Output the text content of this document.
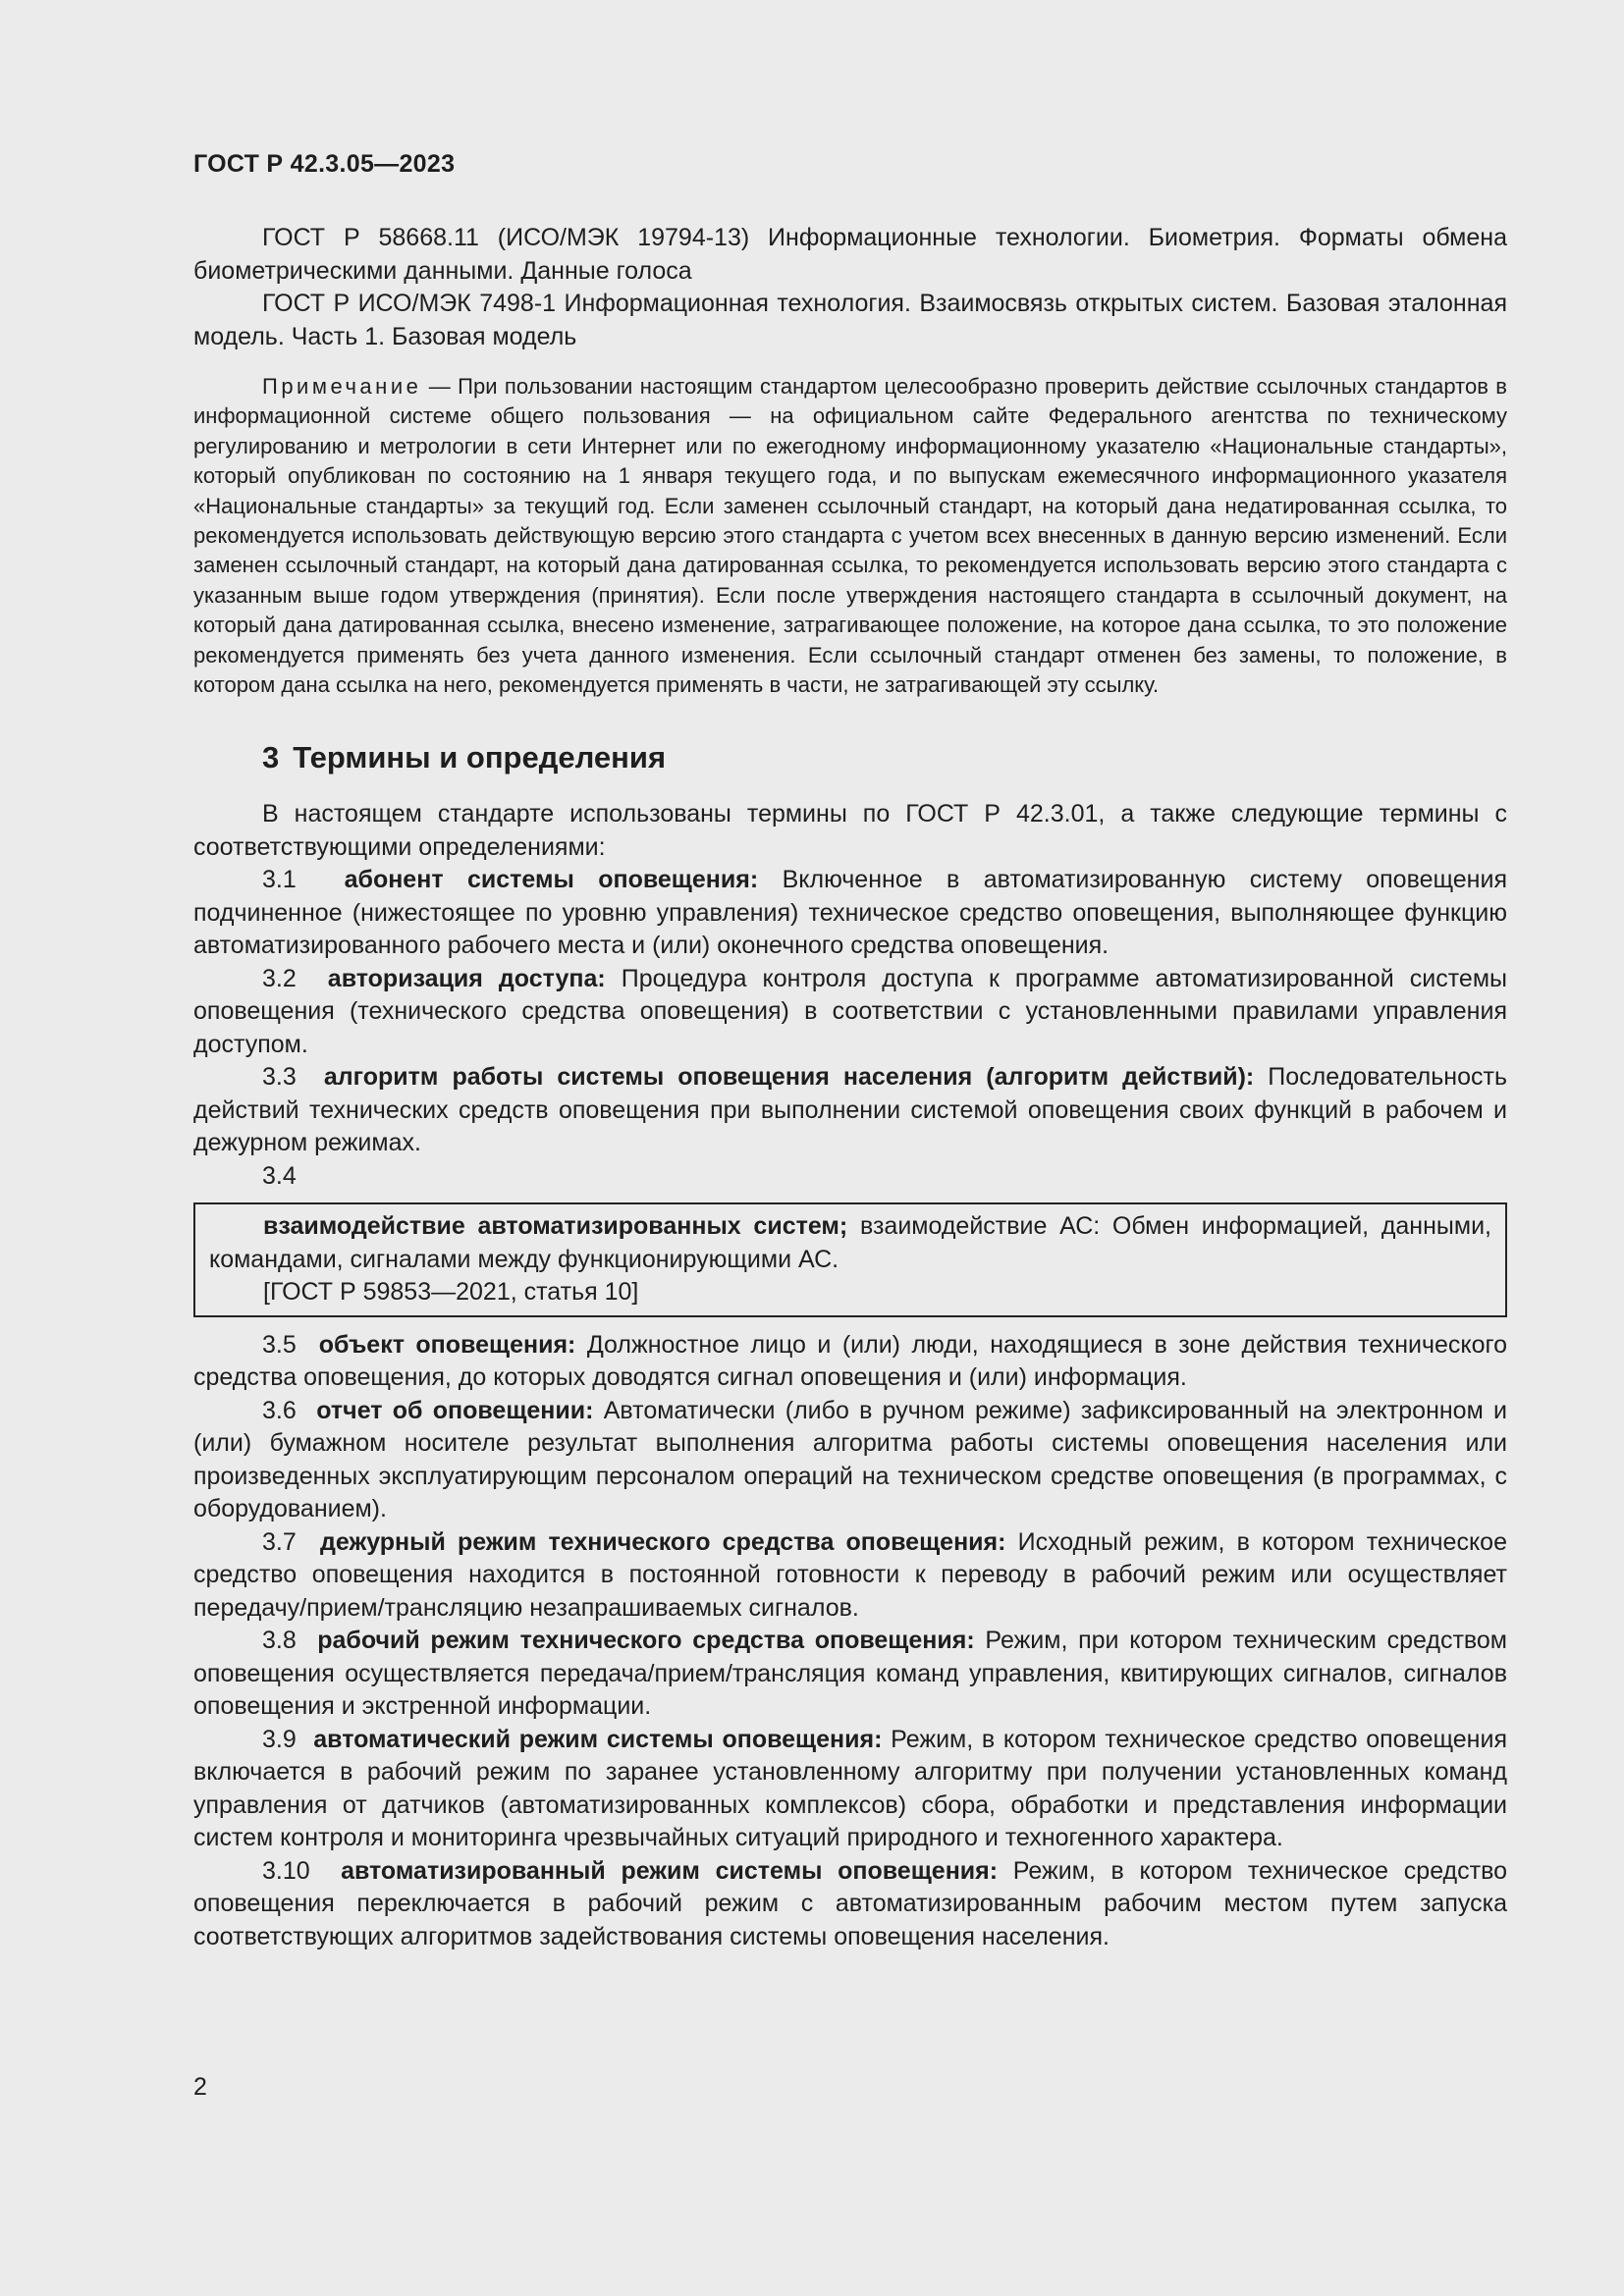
ГОСТ Р 42.3.05—2023

ГОСТ Р 58668.11 (ИСО/МЭК 19794-13) Информационные технологии. Биометрия. Форматы обмена биометрическими данными. Данные голоса

ГОСТ Р ИСО/МЭК 7498-1 Информационная технология. Взаимосвязь открытых систем. Базовая эталонная модель. Часть 1. Базовая модель

Примечание — При пользовании настоящим стандартом целесообразно проверить действие ссылочных стандартов в информационной системе общего пользования — на официальном сайте Федерального агентства по техническому регулированию и метрологии в сети Интернет или по ежегодному информационному указателю «Национальные стандарты», который опубликован по состоянию на 1 января текущего года, и по выпускам ежемесячного информационного указателя «Национальные стандарты» за текущий год. Если заменен ссылочный стандарт, на который дана недатированная ссылка, то рекомендуется использовать действующую версию этого стандарта с учетом всех внесенных в данную версию изменений. Если заменен ссылочный стандарт, на который дана датированная ссылка, то рекомендуется использовать версию этого стандарта с указанным выше годом утверждения (принятия). Если после утверждения настоящего стандарта в ссылочный документ, на который дана датированная ссылка, внесено изменение, затрагивающее положение, на которое дана ссылка, то это положение рекомендуется применять без учета данного изменения. Если ссылочный стандарт отменен без замены, то положение, в котором дана ссылка на него, рекомендуется применять в части, не затрагивающей эту ссылку.

3 Термины и определения

В настоящем стандарте использованы термины по ГОСТ Р 42.3.01, а также следующие термины с соответствующими определениями:

3.1 абонент системы оповещения: Включенное в автоматизированную систему оповещения подчиненное (нижестоящее по уровню управления) техническое средство оповещения, выполняющее функцию автоматизированного рабочего места и (или) оконечного средства оповещения.

3.2 авторизация доступа: Процедура контроля доступа к программе автоматизированной системы оповещения (технического средства оповещения) в соответствии с установленными правилами управления доступом.

3.3 алгоритм работы системы оповещения населения (алгоритм действий): Последовательность действий технических средств оповещения при выполнении системой оповещения своих функций в рабочем и дежурном режимах.

3.4

взаимодействие автоматизированных систем; взаимодействие АС: Обмен информацией, данными, командами, сигналами между функционирующими АС.

[ГОСТ Р 59853—2021, статья 10]

3.5 объект оповещения: Должностное лицо и (или) люди, находящиеся в зоне действия технического средства оповещения, до которых доводятся сигнал оповещения и (или) информация.

3.6 отчет об оповещении: Автоматически (либо в ручном режиме) зафиксированный на электронном и (или) бумажном носителе результат выполнения алгоритма работы системы оповещения населения или произведенных эксплуатирующим персоналом операций на техническом средстве оповещения (в программах, с оборудованием).

3.7 дежурный режим технического средства оповещения: Исходный режим, в котором техническое средство оповещения находится в постоянной готовности к переводу в рабочий режим или осуществляет передачу/прием/трансляцию незапрашиваемых сигналов.

3.8 рабочий режим технического средства оповещения: Режим, при котором техническим средством оповещения осуществляется передача/прием/трансляция команд управления, квитирующих сигналов, сигналов оповещения и экстренной информации.

3.9 автоматический режим системы оповещения: Режим, в котором техническое средство оповещения включается в рабочий режим по заранее установленному алгоритму при получении установленных команд управления от датчиков (автоматизированных комплексов) сбора, обработки и представления информации систем контроля и мониторинга чрезвычайных ситуаций природного и техногенного характера.

3.10 автоматизированный режим системы оповещения: Режим, в котором техническое средство оповещения переключается в рабочий режим с автоматизированным рабочим местом путем запуска соответствующих алгоритмов задействования системы оповещения населения.

2
